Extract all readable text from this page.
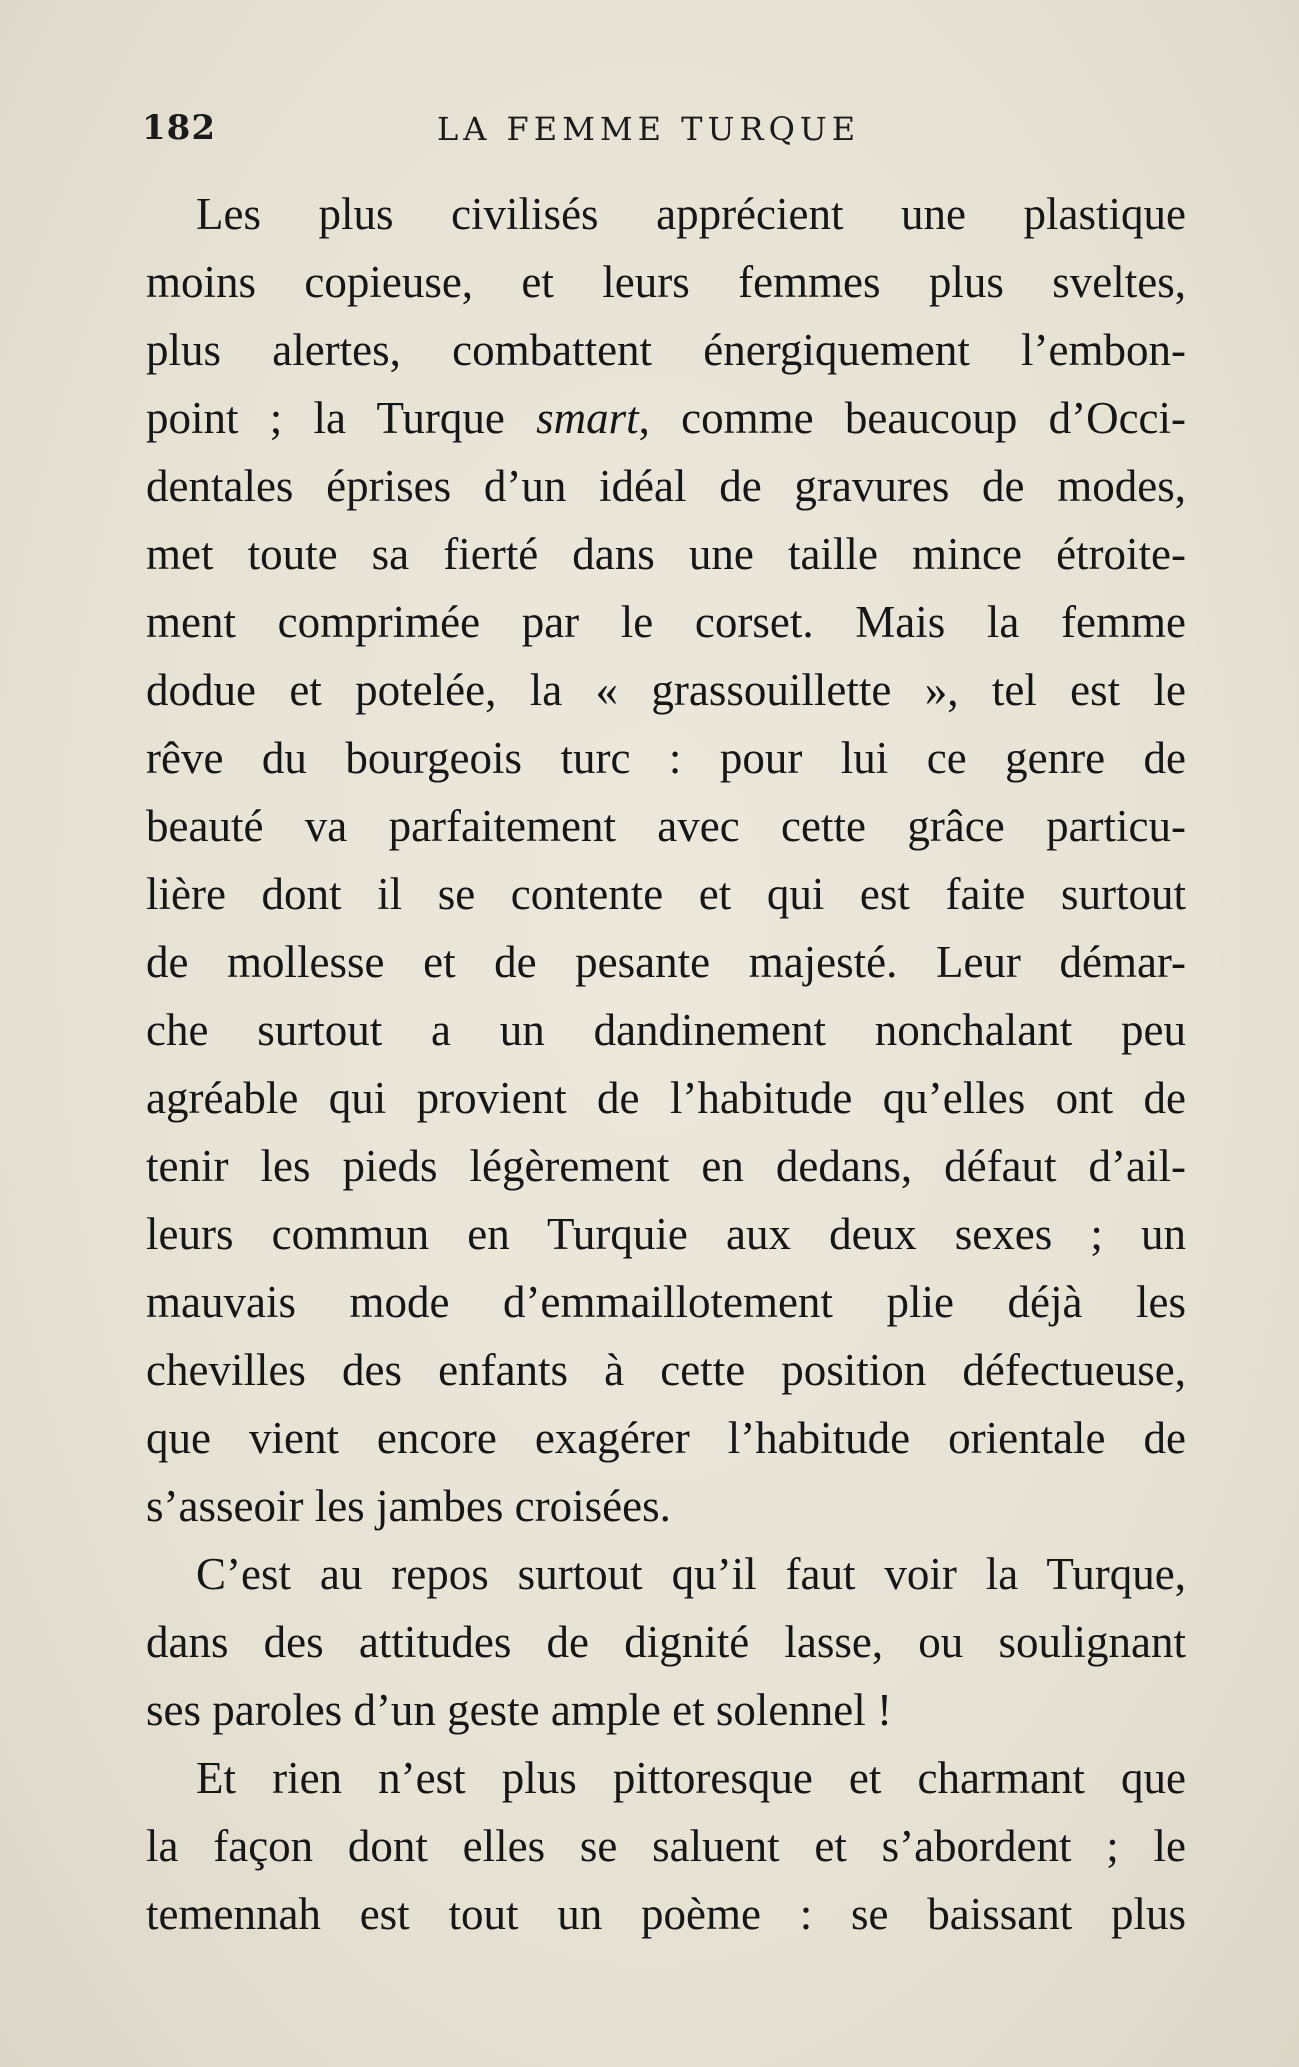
182	LA FEMME TURQUE
Les plus civilisés apprécient une plastique
moins copieuse, et leurs femmes plus sveltes,
plus alertes, combattent énergiquement l’embon-
point ; la Turque smart, comme beaucoup d’Occi-
dentales éprises d’un idéal de gravures de modes,
met toute sa fierté dans une taille mince étroite-
ment comprimée par le corset. Mais la femme
dodue et potelée, la « grassouillette », tel est le
rêve du bourgeois turc : pour lui ce genre de
beauté va parfaitement avec cette grâce particu-
lière dont il se contente et qui est faite surtout
de mollesse et de pesante majesté. Leur démar-
che surtout a un dandinement nonchalant peu
agréable qui provient de l’habitude qu’elles ont de
tenir les pieds légèrement en dedans, défaut d’ail-
leurs commun en Turquie aux deux sexes ; un
mauvais mode d’emmaillotement plie déjà les
chevilles des enfants à cette position défectueuse,
que vient encore exagérer l’habitude orientale de
s’asseoir les jambes croisées.
C’est au repos surtout qu’il faut voir la Turque,
dans des attitudes de dignité lasse, ou soulignant
ses paroles d’un geste ample et solennel !
Et rien n’est plus pittoresque et charmant que
la façon dont elles se saluent et s’abordent ; le
temennah est tout un poème : se baissant plus
